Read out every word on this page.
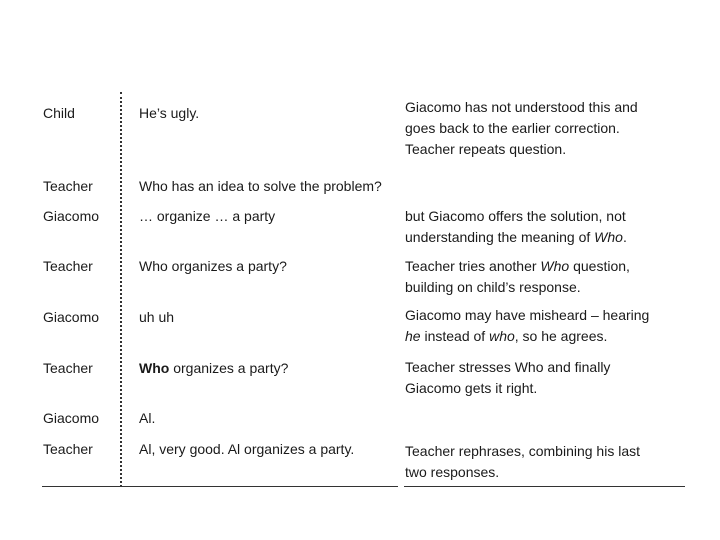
Child	He’s ugly.	Giacomo has not understood this and
goes back to the earlier correction.
Teacher repeats question.
Teacher	Who has an idea to solve the problem?
Giacomo	… organize … a party	but Giacomo offers the solution, not
understanding the meaning of Who.
Teacher	Who organizes a party?	Teacher tries another Who question,
building on child’s response.
Giacomo	uh uh	Giacomo may have misheard – hearing
he instead of who, so he agrees.
Teacher	Who organizes a party?	Teacher stresses Who and finally
Giacomo gets it right.
Giacomo	Al.
Teacher	Al, very good. Al organizes a party.	Teacher rephrases, combining his last
two responses.
